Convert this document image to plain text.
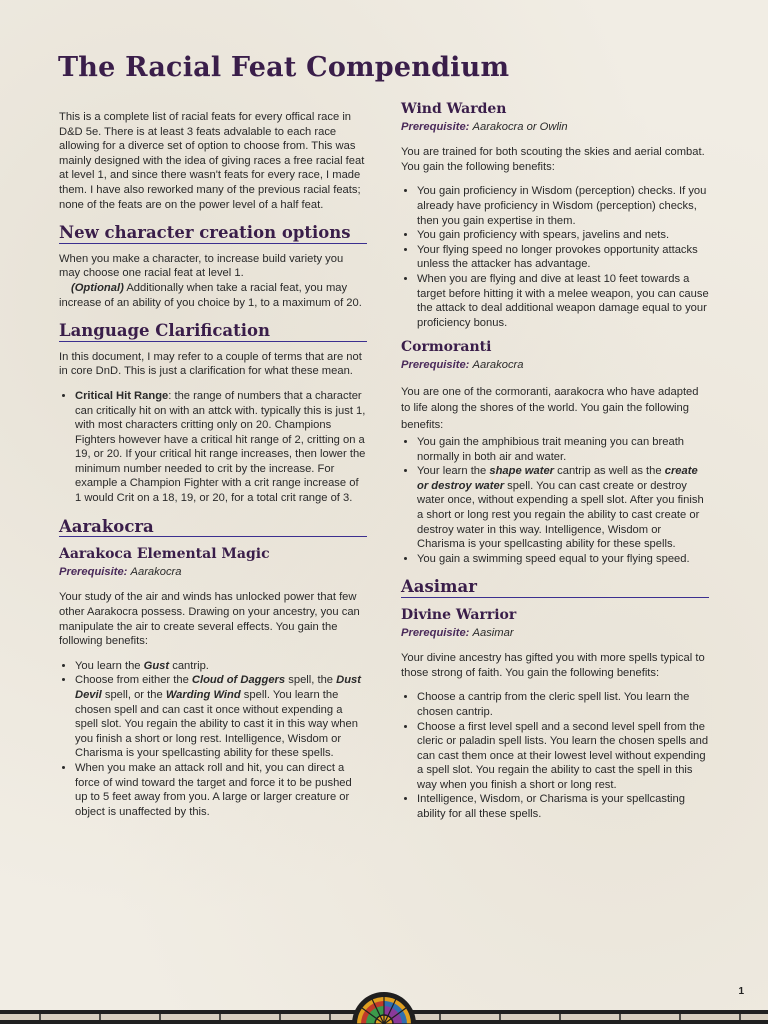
The Racial Feat Compendium

This is a complete list of racial feats for every offical race in D&D 5e. There is at least 3 feats advalable to each race allowing for a diverce set of option to choose from. This was mainly designed with the idea of giving races a free racial feat at level 1, and since there wasn't feats for every race, I made them. I have also reworked many of the previous racial feats; none of the feats are on the power level of a half feat.

New character creation options

When you make a character, to increase build variety you may choose one racial feat at level 1.

(Optional) Additionally when take a racial feat, you may increase of an ability of you choice by 1, to a maximum of 20.

Language Clarification

In this document, I may refer to a couple of terms that are not in core DnD. This is just a clarification for what these mean.

• Critical Hit Range: the range of numbers that a character can critically hit on with an attck with. typically this is just 1, with most characters critting only on 20. Champions Fighters however have a critical hit range of 2, critting on a 19, or 20. If your critical hit range increases, then lower the minimum number needed to crit by the increase. For example a Champion Fighter with a crit range increase of 1 would Crit on a 18, 19, or 20, for a total crit range of 3.
Aarakocra
Aarakoca Elemental Magic

Prerequisite: Aarakocra

Your study of the air and winds has unlocked power that few other Aarakocra possess. Drawing on your ancestry, you can manipulate the air to create several effects. You gain the following benefits:

• You learn the Gust cantrip.
• Choose from either the Cloud of Daggers spell, the Dust Devil spell, or the Warding Wind spell. You learn the chosen spell and can cast it once without expending a spell slot. You regain the ability to cast it in this way when you finish a short or long rest. Intelligence, Wisdom or Charisma is your spellcasting ability for these spells.
• When you make an attack roll and hit, you can direct a force of wind toward the target and force it to be pushed up to 5 feet away from you. A large or larger creature or object is unaffected by this.
Wind Warden

Prerequisite: Aarakocra or Owlin

You are trained for both scouting the skies and aerial combat. You gain the following benefits:

• You gain proficiency in Wisdom (perception) checks. If you already have proficiency in Wisdom (perception) checks, then you gain expertise in them.
• You gain proficiency with spears, javelins and nets.
• Your flying speed no longer provokes opportunity attacks unless the attacker has advantage.
• When you are flying and dive at least 10 feet towards a target before hitting it with a melee weapon, you can cause the attack to deal additional weapon damage equal to your proficiency bonus.
Cormoranti

Prerequisite: Aarakocra

You are one of the cormoranti, aarakocra who have adapted to life along the shores of the world. You gain the following benefits:

• You gain the amphibious trait meaning you can breath normally in both air and water.
• Your learn the shape water cantrip as well as the create or destroy water spell. You can cast create or destroy water once, without expending a spell slot. After you finish a short or long rest you regain the ability to cast create or destroy water in this way. Intelligence, Wisdom or Charisma is your spellcasting ability for these spells.
• You gain a swimming speed equal to your flying speed.
Aasimar
Divine Warrior

Prerequisite: Aasimar

Your divine ancestry has gifted you with more spells typical to those strong of faith. You gain the following benefits:

• Choose a cantrip from the cleric spell list. You learn the chosen cantrip.
• Choose a first level spell and a second level spell from the cleric or paladin spell lists. You learn the chosen spells and can cast them once at their lowest level without expending a spell slot. You regain the ability to cast the spell in this way when you finish a short or long rest.
• Intelligence, Wisdom, or Charisma is your spellcasting ability for all these spells.
1
